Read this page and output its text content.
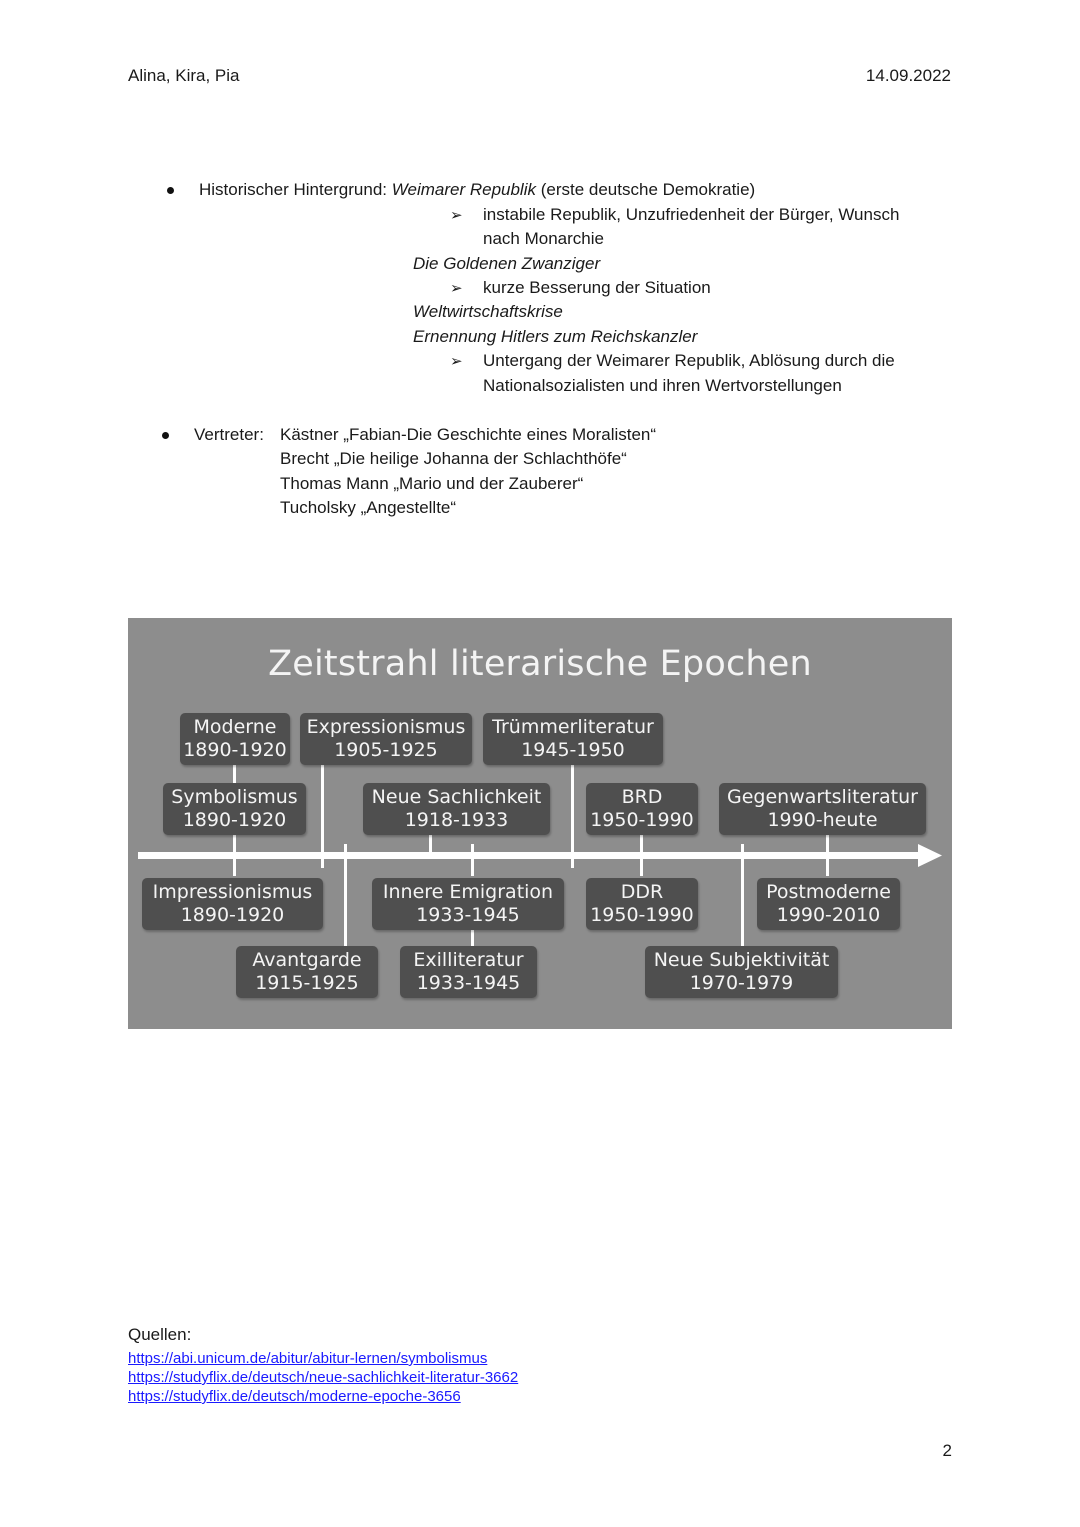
Alina, Kira, Pia	14.09.2022
Historischer Hintergrund: Weimarer Republik (erste deutsche Demokratie)
➢ instabile Republik, Unzufriedenheit der Bürger, Wunsch
nach Monarchie
Die Goldenen Zwanziger
➢ kurze Besserung der Situation
Weltwirtschaftskrise
Ernennung Hitlers zum Reichskanzler
➢ Untergang der Weimarer Republik, Ablösung durch die
Nationalsozialisten und ihren Wertvorstellungen
Vertreter: Kästner „Fabian-Die Geschichte eines Moralisten“
Brecht „Die heilige Johanna der Schlachthöfe“
Thomas Mann „Mario und der Zauberer“
Tucholsky „Angestellte“
Zeitstrahl literarische Epochen
Moderne
1890-1920
Expressionismus
1905-1925
Trümmerliteratur
1945-1950
Symbolismus
1890-1920
Neue Sachlichkeit
1918-1933
BRD
1950-1990
Gegenwartsliteratur
1990-heute
Impressionismus
1890-1920
Innere Emigration
1933-1945
DDR
1950-1990
Postmoderne
1990-2010
Avantgarde
1915-1925
Exilliteratur
1933-1945
Neue Subjektivität
1970-1979
Quellen:
https://abi.unicum.de/abitur/abitur-lernen/symbolismus
https://studyflix.de/deutsch/neue-sachlichkeit-literatur-3662
https://studyflix.de/deutsch/moderne-epoche-3656
2
